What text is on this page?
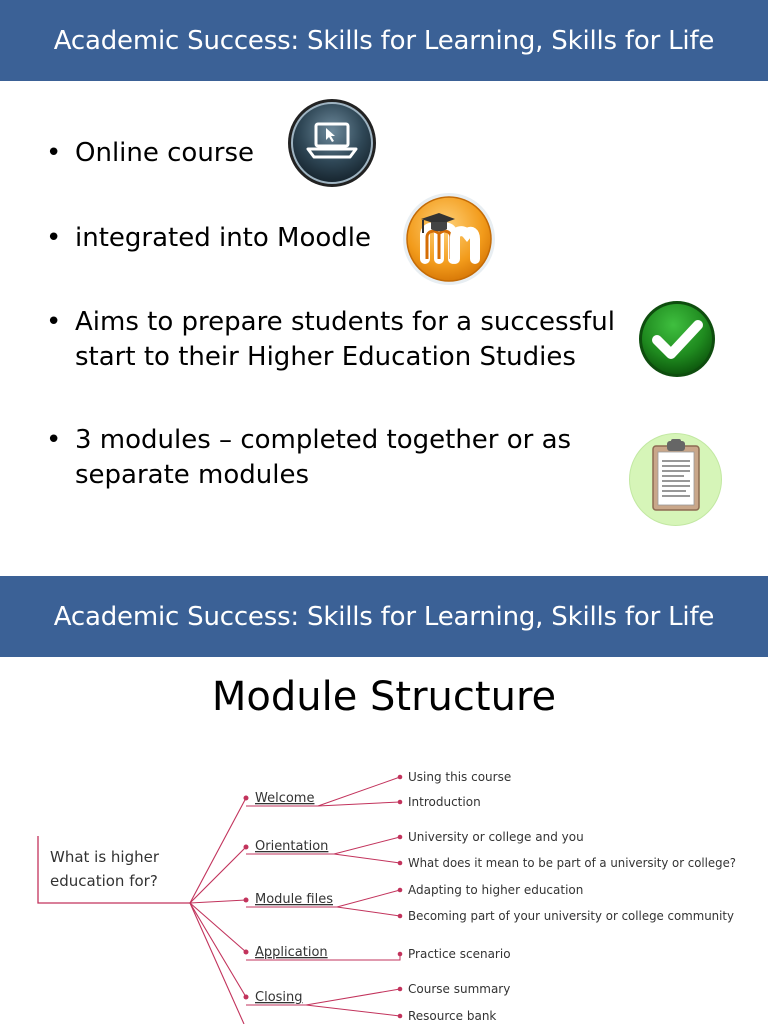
Academic Success: Skills for Learning, Skills for Life
• Online course
• integrated into Moodle
• Aims to prepare students for a successful
start to their Higher Education Studies
• 3 modules – completed together or as
separate modules
Academic Success: Skills for Learning, Skills for Life
Module Structure
What is higher
education for?
Welcome
Orientation
Module files
Application
Closing
Using this course
Introduction
University or college and you
What does it mean to be part of a university or college?
Adapting to higher education
Becoming part of your university or college community
Practice scenario
Course summary
Resource bank
